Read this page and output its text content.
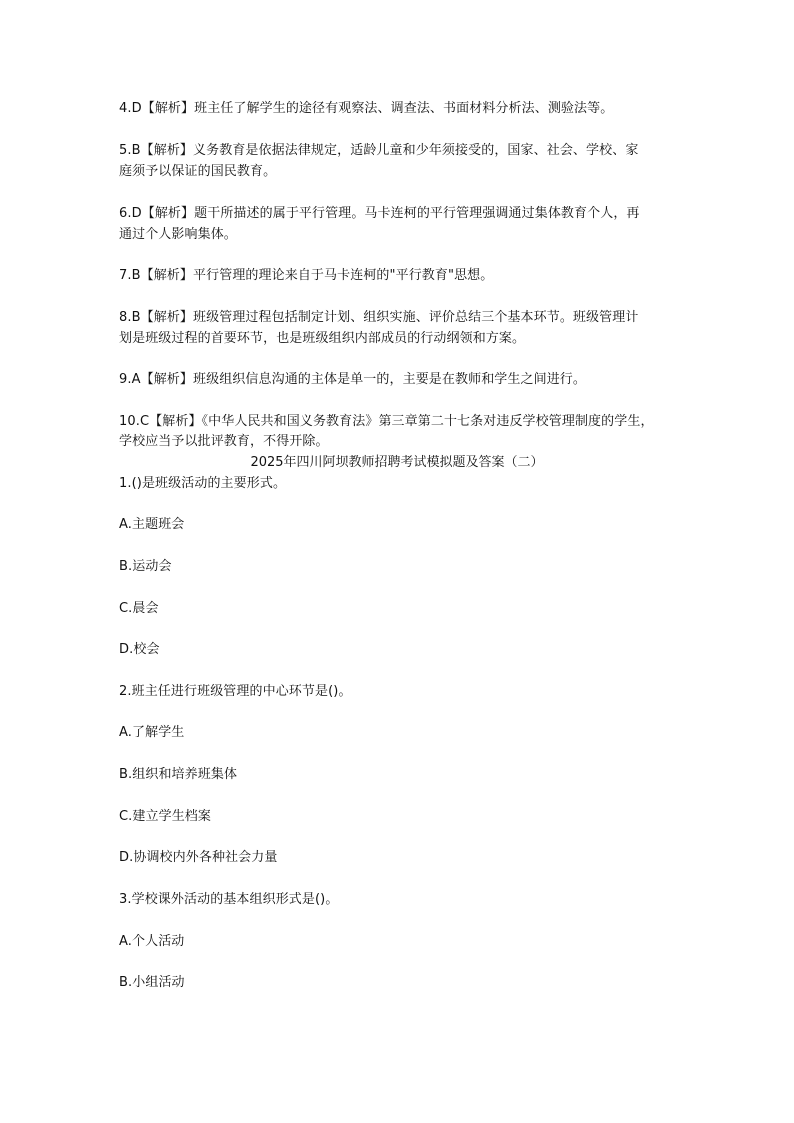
4.D【解析】班主任了解学生的途径有观察法、调查法、书面材料分析法、测验法等。
5.B【解析】义务教育是依据法律规定，适龄儿童和少年须接受的，国家、社会、学校、家
庭须予以保证的国民教育。
6.D【解析】题干所描述的属于平行管理。马卡连柯的平行管理强调通过集体教育个人，再
通过个人影响集体。
7.B【解析】平行管理的理论来自于马卡连柯的"平行教育"思想。
8.B【解析】班级管理过程包括制定计划、组织实施、评价总结三个基本环节。班级管理计
划是班级过程的首要环节，也是班级组织内部成员的行动纲领和方案。
9.A【解析】班级组织信息沟通的主体是单一的，主要是在教师和学生之间进行。
10.C【解析】《中华人民共和国义务教育法》第三章第二十七条对违反学校管理制度的学生，
学校应当予以批评教育，不得开除。
2025年四川阿坝教师招聘考试模拟题及答案（二）
1.()是班级活动的主要形式。
A.主题班会
B.运动会
C.晨会
D.校会
2.班主任进行班级管理的中心环节是()。
A.了解学生
B.组织和培养班集体
C.建立学生档案
D.协调校内外各种社会力量
3.学校课外活动的基本组织形式是()。
A.个人活动
B.小组活动
